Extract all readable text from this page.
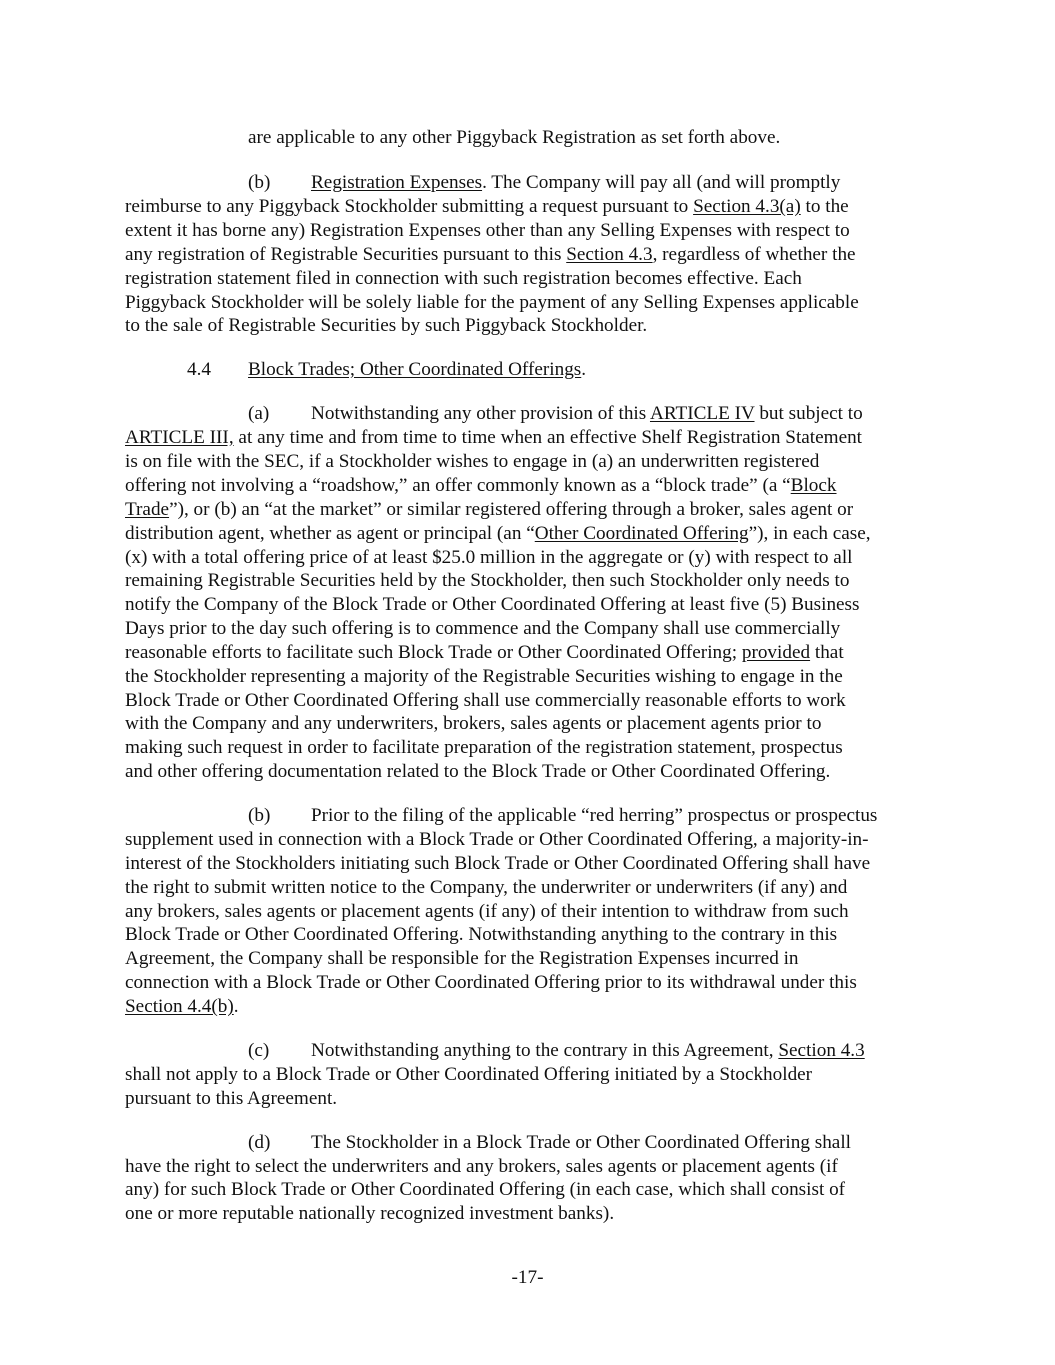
are applicable to any other Piggyback Registration as set forth above.
(b) Registration Expenses. The Company will pay all (and will promptly
reimburse to any Piggyback Stockholder submitting a request pursuant to Section 4.3(a) to the
extent it has borne any) Registration Expenses other than any Selling Expenses with respect to
any registration of Registrable Securities pursuant to this Section 4.3, regardless of whether the
registration statement filed in connection with such registration becomes effective. Each
Piggyback Stockholder will be solely liable for the payment of any Selling Expenses applicable
to the sale of Registrable Securities by such Piggyback Stockholder.
4.4 Block Trades; Other Coordinated Offerings.
(a) Notwithstanding any other provision of this ARTICLE IV but subject to
ARTICLE III, at any time and from time to time when an effective Shelf Registration Statement
is on file with the SEC, if a Stockholder wishes to engage in (a) an underwritten registered
offering not involving a “roadshow,” an offer commonly known as a “block trade” (a “Block
Trade”), or (b) an “at the market” or similar registered offering through a broker, sales agent or
distribution agent, whether as agent or principal (an “Other Coordinated Offering”), in each case,
(x) with a total offering price of at least $25.0 million in the aggregate or (y) with respect to all
remaining Registrable Securities held by the Stockholder, then such Stockholder only needs to
notify the Company of the Block Trade or Other Coordinated Offering at least five (5) Business
Days prior to the day such offering is to commence and the Company shall use commercially
reasonable efforts to facilitate such Block Trade or Other Coordinated Offering; provided that
the Stockholder representing a majority of the Registrable Securities wishing to engage in the
Block Trade or Other Coordinated Offering shall use commercially reasonable efforts to work
with the Company and any underwriters, brokers, sales agents or placement agents prior to
making such request in order to facilitate preparation of the registration statement, prospectus
and other offering documentation related to the Block Trade or Other Coordinated Offering.
(b) Prior to the filing of the applicable “red herring” prospectus or prospectus
supplement used in connection with a Block Trade or Other Coordinated Offering, a majority-in-
interest of the Stockholders initiating such Block Trade or Other Coordinated Offering shall have
the right to submit written notice to the Company, the underwriter or underwriters (if any) and
any brokers, sales agents or placement agents (if any) of their intention to withdraw from such
Block Trade or Other Coordinated Offering. Notwithstanding anything to the contrary in this
Agreement, the Company shall be responsible for the Registration Expenses incurred in
connection with a Block Trade or Other Coordinated Offering prior to its withdrawal under this
Section 4.4(b).
(c) Notwithstanding anything to the contrary in this Agreement, Section 4.3
shall not apply to a Block Trade or Other Coordinated Offering initiated by a Stockholder
pursuant to this Agreement.
(d) The Stockholder in a Block Trade or Other Coordinated Offering shall
have the right to select the underwriters and any brokers, sales agents or placement agents (if
any) for such Block Trade or Other Coordinated Offering (in each case, which shall consist of
one or more reputable nationally recognized investment banks).
-17-
